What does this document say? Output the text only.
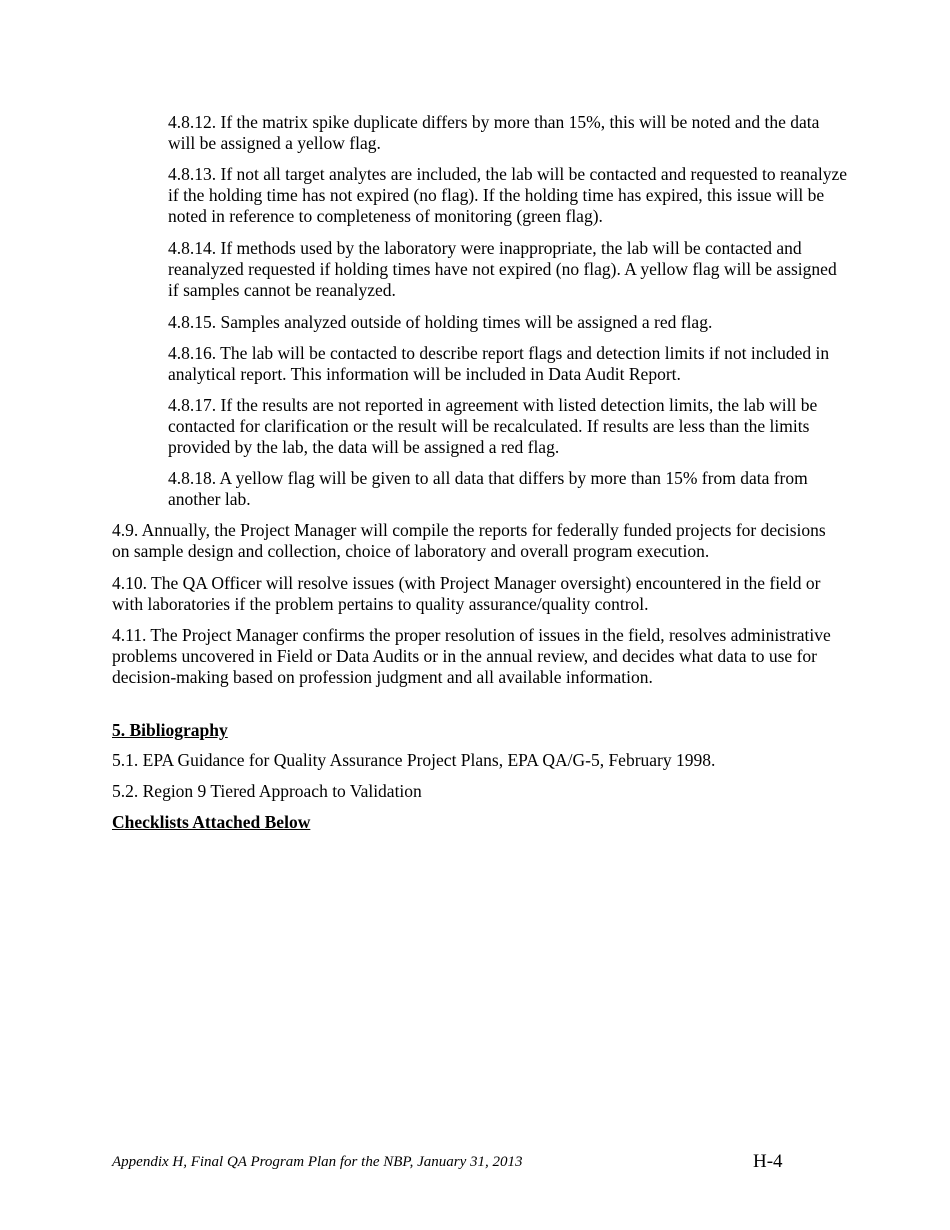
4.8.12. If the matrix spike duplicate differs by more than 15%, this will be noted and the data will be assigned a yellow flag.

4.8.13. If not all target analytes are included, the lab will be contacted and requested to reanalyze if the holding time has not expired (no flag). If the holding time has expired, this issue will be noted in reference to completeness of monitoring (green flag).

4.8.14. If methods used by the laboratory were inappropriate, the lab will be contacted and reanalyzed requested if holding times have not expired (no flag). A yellow flag will be assigned if samples cannot be reanalyzed.

4.8.15. Samples analyzed outside of holding times will be assigned a red flag.

4.8.16. The lab will be contacted to describe report flags and detection limits if not included in analytical report. This information will be included in Data Audit Report.

4.8.17. If the results are not reported in agreement with listed detection limits, the lab will be contacted for clarification or the result will be recalculated. If results are less than the limits provided by the lab, the data will be assigned a red flag.

4.8.18. A yellow flag will be given to all data that differs by more than 15% from data from another lab.

4.9. Annually, the Project Manager will compile the reports for federally funded projects for decisions on sample design and collection, choice of laboratory and overall program execution.

4.10. The QA Officer will resolve issues (with Project Manager oversight) encountered in the field or with laboratories if the problem pertains to quality assurance/quality control.

4.11. The Project Manager confirms the proper resolution of issues in the field, resolves administrative problems uncovered in Field or Data Audits or in the annual review, and decides what data to use for decision-making based on profession judgment and all available information.

5. Bibliography

5.1. EPA Guidance for Quality Assurance Project Plans, EPA QA/G-5, February 1998.

5.2. Region 9 Tiered Approach to Validation

Checklists Attached Below
Appendix H, Final QA Program Plan for the NBP, January 31, 2013	H-4
